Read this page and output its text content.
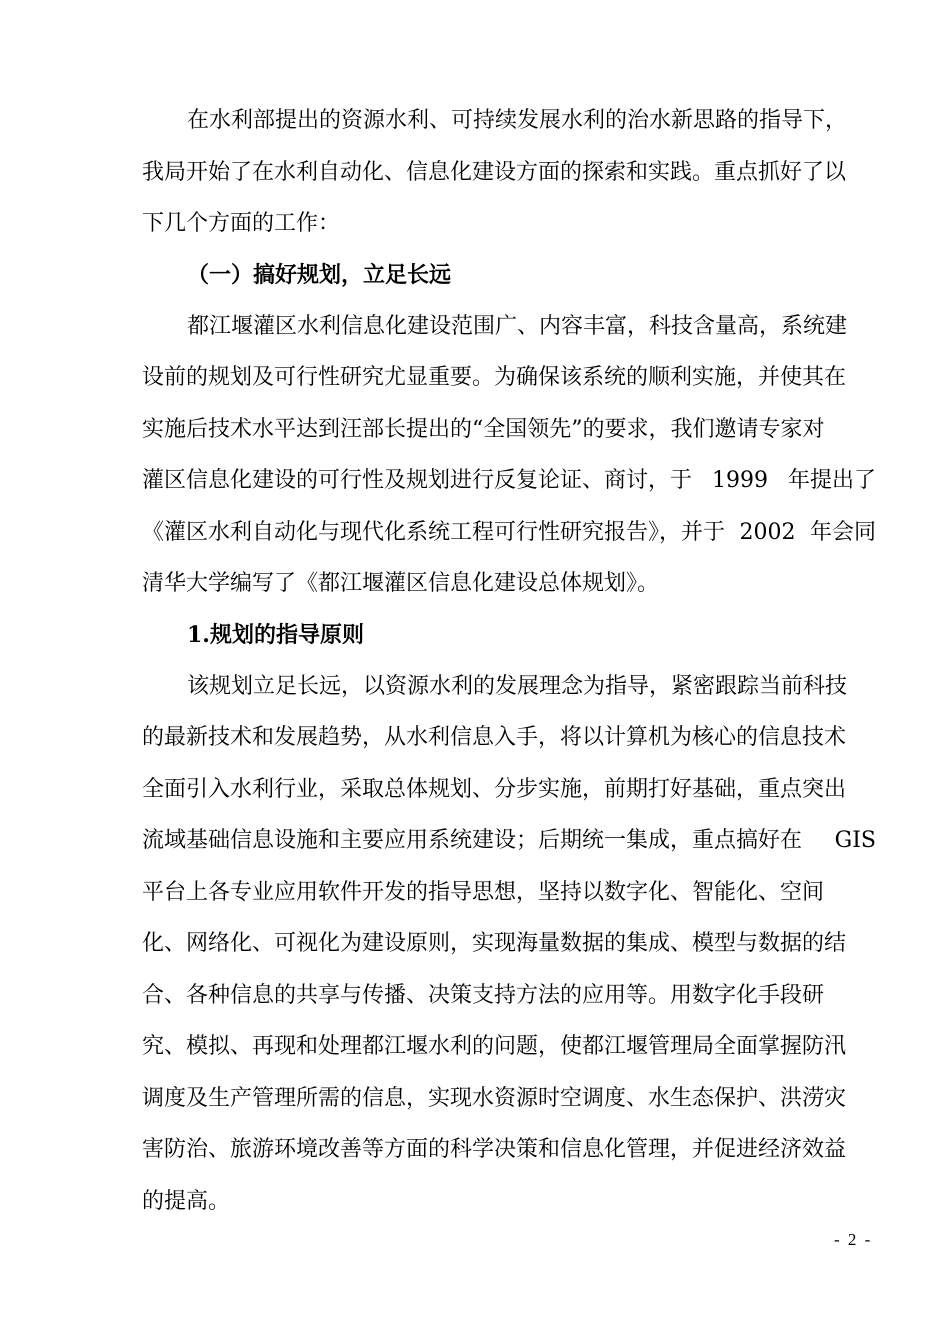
在水利部提出的资源水利、可持续发展水利的治水新思路的指导下，

我局开始了在水利自动化、信息化建设方面的探索和实践。重点抓好了以

下几个方面的工作：

（一）搞好规划，立足长远

都江堰灌区水利信息化建设范围广、内容丰富，科技含量高，系统建

设前的规划及可行性研究尤显重要。为确保该系统的顺利实施，并使其在

实施后技术水平达到汪部长提出的“全国领先”的要求，我们邀请专家对

灌区信息化建设的可行性及规划进行反复论证、商讨，于 1999 年提出了

《灌区水利自动化与现代化系统工程可行性研究报告》，并于 2002 年会同

清华大学编写了《都江堰灌区信息化建设总体规划》。

1.规划的指导原则

该规划立足长远，以资源水利的发展理念为指导，紧密跟踪当前科技

的最新技术和发展趋势，从水利信息入手，将以计算机为核心的信息技术

全面引入水利行业，采取总体规划、分步实施，前期打好基础，重点突出

流域基础信息设施和主要应用系统建设；后期统一集成，重点搞好在 GIS

平台上各专业应用软件开发的指导思想，坚持以数字化、智能化、空间

化、网络化、可视化为建设原则，实现海量数据的集成、模型与数据的结

合、各种信息的共享与传播、决策支持方法的应用等。用数字化手段研

究、模拟、再现和处理都江堰水利的问题，使都江堰管理局全面掌握防汛

调度及生产管理所需的信息，实现水资源时空调度、水生态保护、洪涝灾

害防治、旅游环境改善等方面的科学决策和信息化管理，并促进经济效益

的提高。

- 2 -
